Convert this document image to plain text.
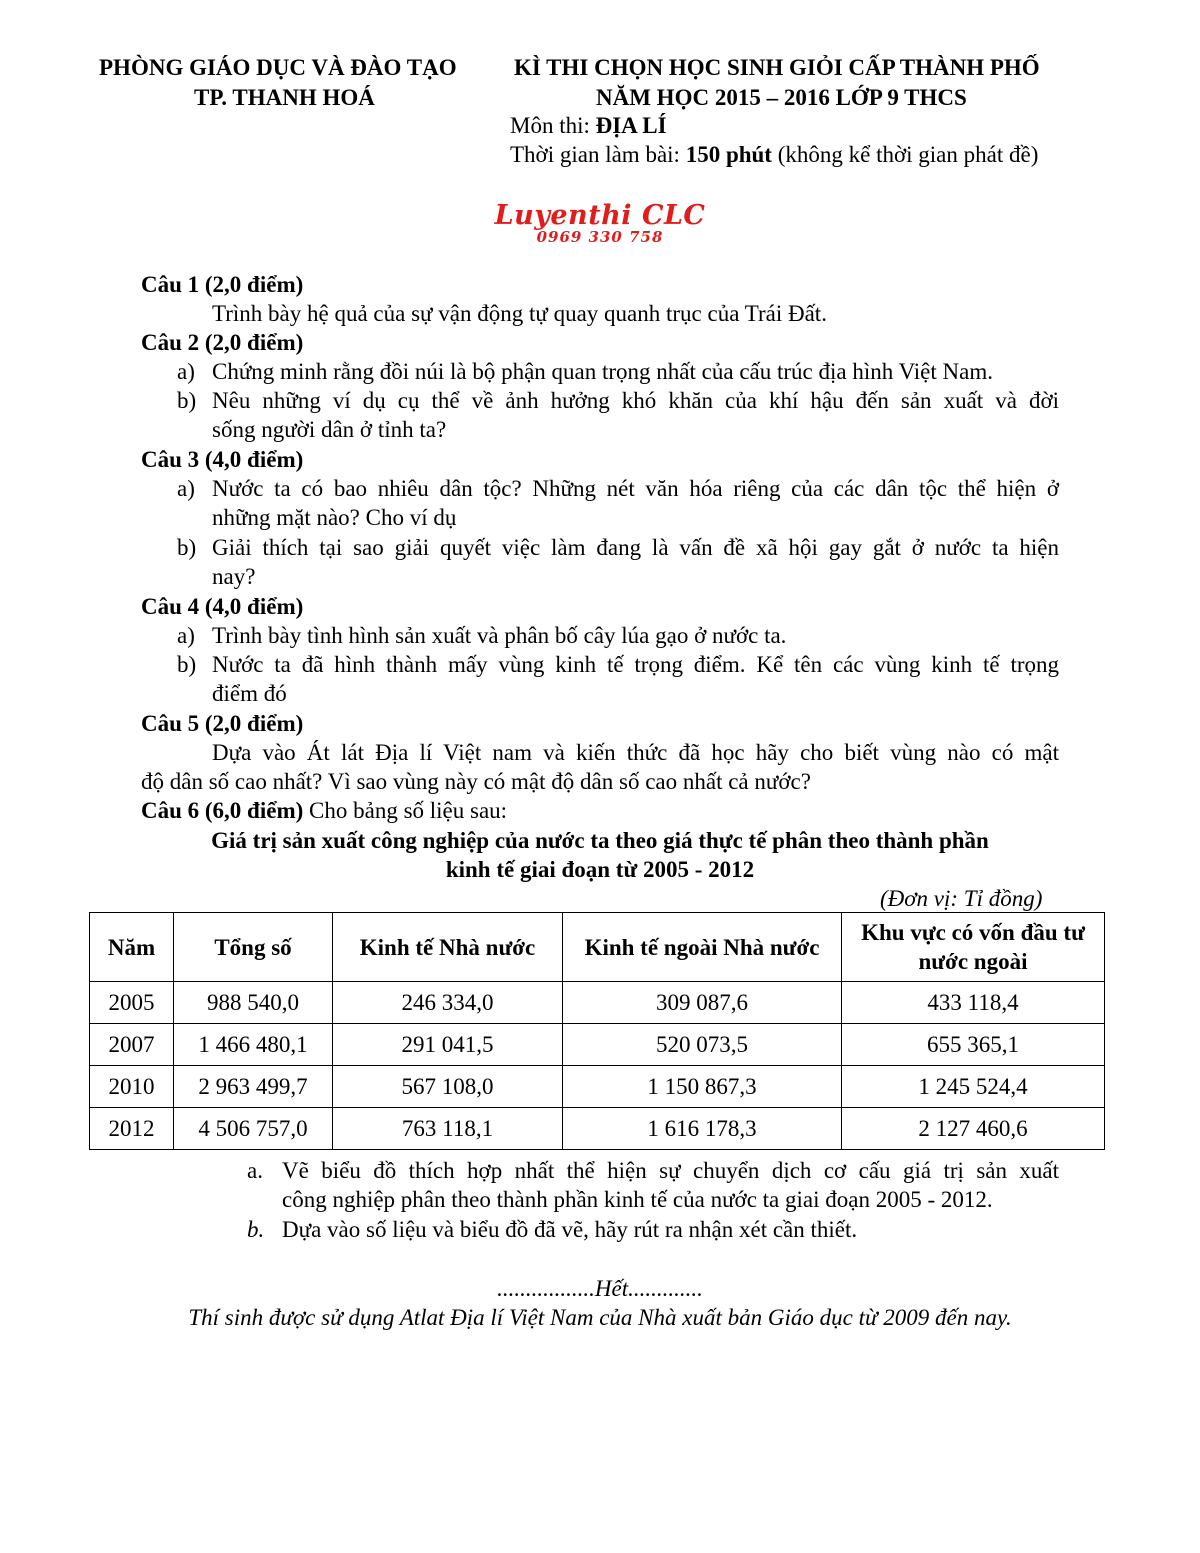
PHÒNG GIÁO DỤC VÀ ĐÀO TẠO
TP. THANH HOÁ
KÌ THI CHỌN HỌC SINH GIỎI CẤP THÀNH PHỐ
NĂM HỌC 2015 – 2016 LỚP 9 THCS
Môn thi: ĐỊA LÍ
Thời gian làm bài: 150 phút (không kể thời gian phát đề)
Luyenthi CLC
0969 330 758
Câu 1 (2,0 điểm)
Trình bày hệ quả của sự vận động tự quay quanh trục của Trái Đất.
Câu 2 (2,0 điểm)
a) Chứng minh rằng đồi núi là bộ phận quan trọng nhất của cấu trúc địa hình Việt Nam.
b) Nêu những ví dụ cụ thể về ảnh hưởng khó khăn của khí hậu đến sản xuất và đời
sống người dân ở tỉnh ta?
Câu 3 (4,0 điểm)
a) Nước ta có bao nhiêu dân tộc? Những nét văn hóa riêng của các dân tộc thể hiện ở
những mặt nào? Cho ví dụ
b) Giải thích tại sao giải quyết việc làm đang là vấn đề xã hội gay gắt ở nước ta hiện
nay?
Câu 4 (4,0 điểm)
a) Trình bày tình hình sản xuất và phân bố cây lúa gạo ở nước ta.
b) Nước ta đã hình thành mấy vùng kinh tế trọng điểm. Kể tên các vùng kinh tế trọng
điểm đó
Câu 5 (2,0 điểm)
Dựa vào Át lát Địa lí Việt nam và kiến thức đã học hãy cho biết vùng nào có mật
độ dân số cao nhất? Vì sao vùng này có mật độ dân số cao nhất cả nước?
Câu 6 (6,0 điểm) Cho bảng số liệu sau:
Giá trị sản xuất công nghiệp của nước ta theo giá thực tế phân theo thành phần
kinh tế giai đoạn từ 2005 - 2012
(Đơn vị: Tỉ đồng)
Năm	Tổng số	Kinh tế Nhà nước	Kinh tế ngoài Nhà nước	Khu vực có vốn đầu tư nước ngoài
2005	988 540,0	246 334,0	309 087,6	433 118,4
2007	1 466 480,1	291 041,5	520 073,5	655 365,1
2010	2 963 499,7	567 108,0	1 150 867,3	1 245 524,4
2012	4 506 757,0	763 118,1	1 616 178,3	2 127 460,6
a. Vẽ biểu đồ thích hợp nhất thể hiện sự chuyển dịch cơ cấu giá trị sản xuất
công nghiệp phân theo thành phần kinh tế của nước ta giai đoạn 2005 - 2012.
b. Dựa vào số liệu và biểu đồ đã vẽ, hãy rút ra nhận xét cần thiết.
.................Hết.............
Thí sinh được sử dụng Atlat Địa lí Việt Nam của Nhà xuất bản Giáo dục từ 2009 đến nay.
